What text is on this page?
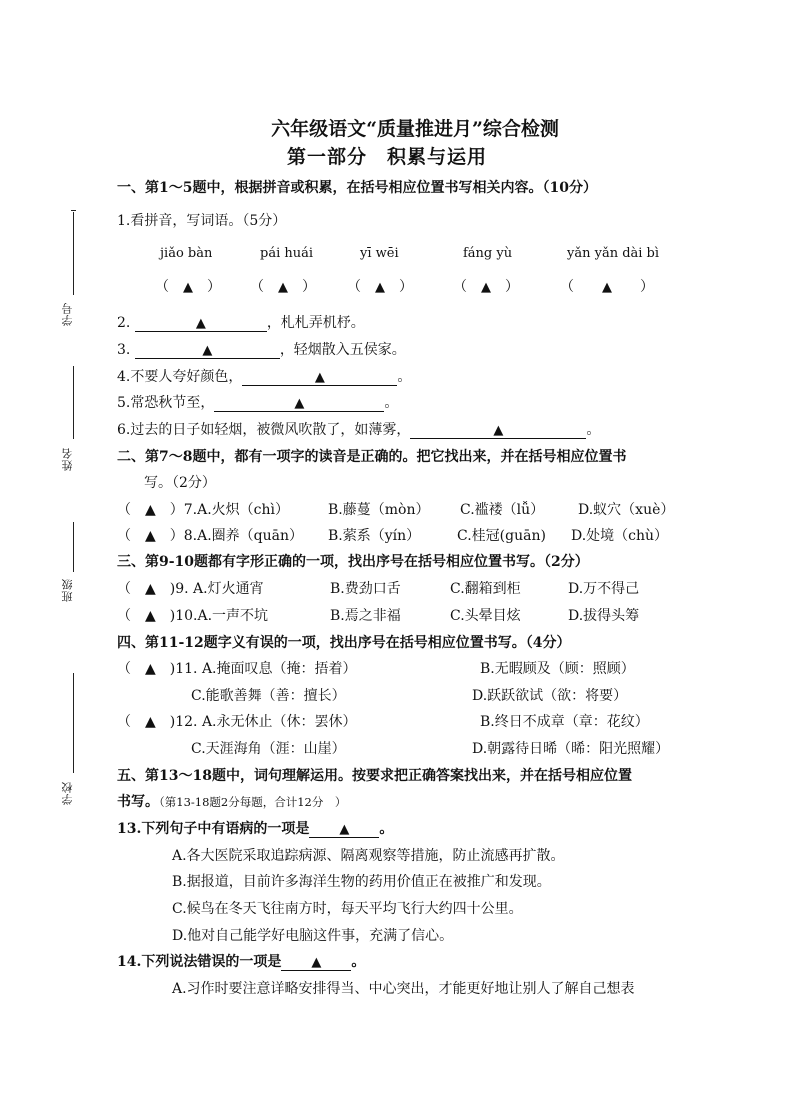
学号
姓名
班级
学校
六年级语文“质量推进月”综合检测
第一部分　积累与运用
一、第1～5题中，根据拼音或积累，在括号相应位置书写相关内容。（10分）
1.看拼音，写词语。（5分）
jiǎo bàn	pái huái	yī wēi	fáng yù	yǎn yǎn dài bì
（　▲　） （　▲　） （　▲　）	（　▲　）	（　　▲　　）
2.	▲	，札札弄机杼。
3.	▲	，轻烟散入五侯家。
4.不要人夸好颜色，	▲	。
5.常恐秋节至，	▲	。
6.过去的日子如轻烟，被微风吹散了，如薄雾，	▲	。
二、第7～8题中，都有一项字的读音是正确的。把它找出来，并在括号相应位置书
写。（2分）
（　▲　）7.A.火炽（chì）	B.藤蔓（mòn） C.褴褛（lǚ） D.蚁穴（xuè）
（　▲　）8.A.圈养（quān） B.萦系（yín）	C.桂冠(guān) D.处境（chù）
三、第9-10题都有字形正确的一项，找出序号在括号相应位置书写。（2分）
（　▲　)9. A.灯火通宵	B.费劲口舌	C.翻箱到柜	D.万不得己
（　▲　)10.A.一声不坑	B.焉之非福	C.头晕目炫	D.拔得头筹
四、第11-12题字义有误的一项，找出序号在括号相应位置书写。（4分）
（　▲　)11. A.掩面叹息（掩：捂着）	B.无暇顾及（顾：照顾）
C.能歌善舞（善：擅长）	D.跃跃欲试（欲：将要）
（　▲　)12. A.永无休止（休：罢休）	B.终日不成章（章：花纹）
C.天涯海角（涯：山崖）	D.朝露待日晞（晞：阳光照耀）
五、第13～18题中，词句理解运用。按要求把正确答案找出来，并在括号相应位置
书写。（第13-18题2分每题，合计12分　）
13.下列句子中有语病的一项是 ▲ 。
A.各大医院采取追踪病源、隔离观察等措施，防止流感再扩散。
B.据报道，目前许多海洋生物的药用价值正在被推广和发现。
C.候鸟在冬天飞往南方时，每天平均飞行大约四十公里。
D.他对自己能学好电脑这件事，充满了信心。
14.下列说法错误的一项是 ▲ 。
A.习作时要注意详略安排得当、中心突出，才能更好地让别人了解自己想表
